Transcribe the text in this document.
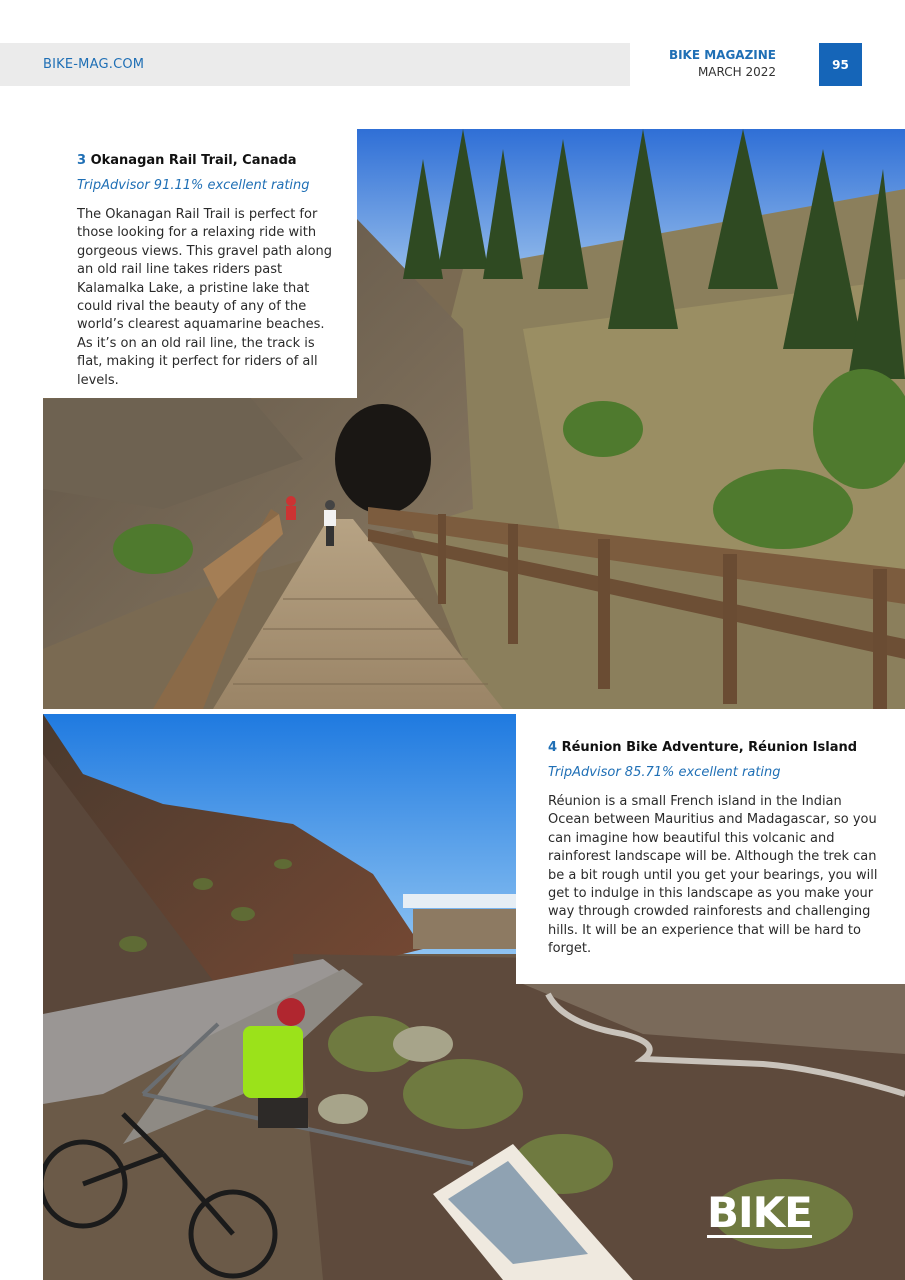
BIKE-MAG.COM
BIKE MAGAZINE
MARCH 2022
95

3 Okanagan Rail Trail, Canada

TripAdvisor 91.11% excellent rating

The Okanagan Rail Trail is perfect for those looking for a relaxing ride with gorgeous views. This gravel path along an old rail line takes riders past Kalamalka Lake, a pristine lake that could rival the beauty of any of the world’s clearest aquamarine beaches. As it’s on an old rail line, the track is flat, making it perfect for riders of all levels.

4 Réunion Bike Adventure, Réunion Island

TripAdvisor 85.71% excellent rating

Réunion is a small French island in the Indian Ocean between Mauritius and Madagascar, so you can imagine how beautiful this volcanic and rainforest landscape will be. Although the trek can be a bit rough until you get your bearings, you will get to indulge in this landscape as you make your way through crowded rainforests and challenging hills. It will be an experience that will be hard to forget.

BIKE
